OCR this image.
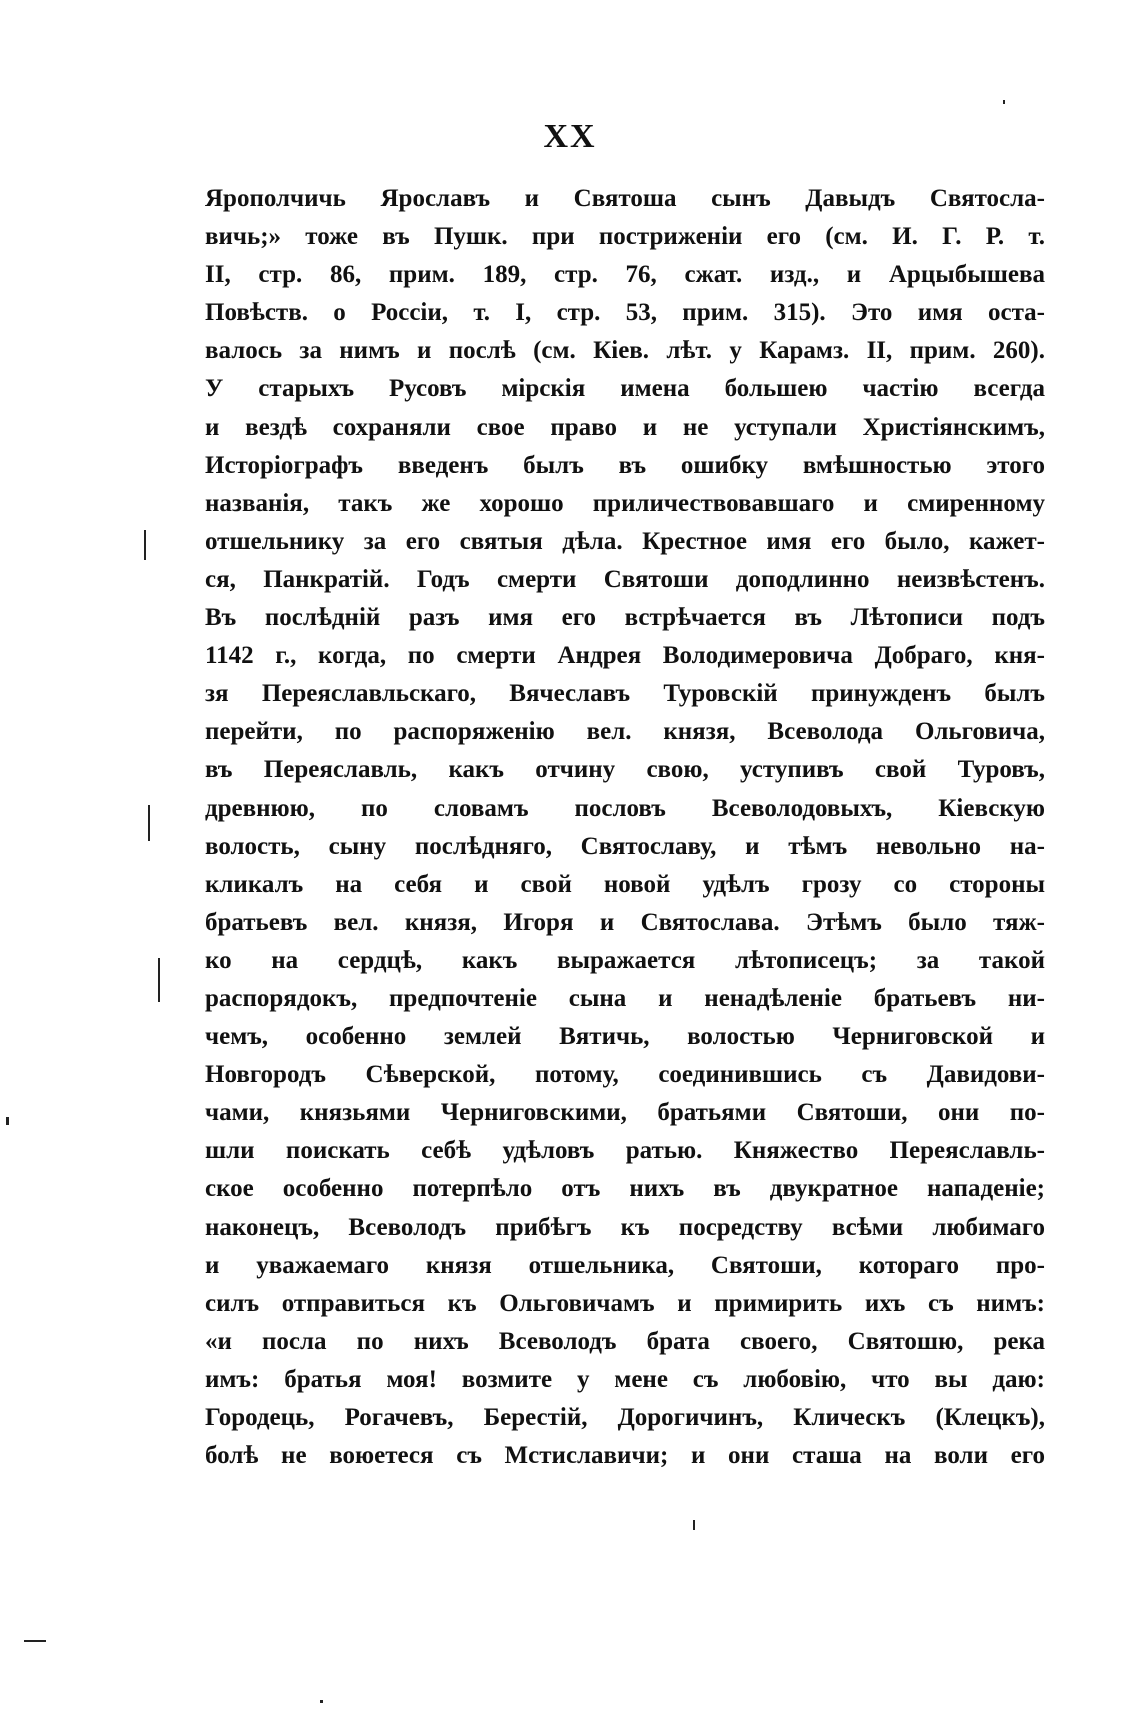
XX
Ярополчичь Ярославъ и Святоша сынъ Давыдъ Святосла-
вичь;» тоже въ Пушк. при постриженіи его (см. И. Г. Р. т.
II, стр. 86, прим. 189, стр. 76, сжат. изд., и Арцыбышева
Повѣств. о Россіи, т. I, стр. 53, прим. 315). Это имя оста-
валось за нимъ и послѣ (см. Кіев. лѣт. у Карамз. II, прим. 260).
У старыхъ Русовъ мірскія имена большею частію всегда
и вездѣ сохраняли свое право и не уступали Христіянскимъ,
Исторіографъ введенъ былъ въ ошибку вмѣшностью этого
названія, такъ же хорошо приличествовавшаго и смиренному
отшельнику за его святыя дѣла. Крестное имя его было, кажет-
ся, Панкратій. Годъ смерти Святоши доподлинно неизвѣстенъ.
Въ послѣдній разъ имя его встрѣчается въ Лѣтописи подъ
1142 г., когда, по смерти Андрея Володимеровича Добраго, кня-
зя Переяславльскаго, Вячеславъ Туровскій принужденъ былъ
перейти, по распоряженію вел. князя, Всеволода Ольговича,
въ Переяславль, какъ отчину свою, уступивъ свой Туровъ,
древнюю, по словамъ пословъ Всеволодовыхъ, Кіевскую
волость, сыну послѣдняго, Святославу, и тѣмъ невольно на-
кликалъ на себя и свой новой удѣлъ грозу со стороны
братьевъ вел. князя, Игоря и Святослава. Этѣмъ было тяж-
ко на сердцѣ, какъ выражается лѣтописецъ; за такой
распорядокъ, предпочтеніе сына и ненадѣленіе братьевъ ни-
чемъ, особенно землей Вятичь, волостью Черниговской и
Новгородъ Сѣверской, потому, соединившись съ Давидови-
чами, князьями Черниговскими, братьями Святоши, они по-
шли поискать себѣ удѣловъ ратью. Княжество Переяславль-
ское особенно потерпѣло отъ нихъ въ двукратное нападеніе;
наконецъ, Всеволодъ прибѣгъ къ посредству всѣми любимаго
и уважаемаго князя отшельника, Святоши, котораго про-
силъ отправиться къ Ольговичамъ и примирить ихъ съ нимъ:
«и посла по нихъ Всеволодъ брата своего, Святошю, река
имъ: братья моя! возмите у мене съ любовію, что вы даю:
Городець, Рогачевъ, Берестій, Дорогичинъ, Клическъ (Клецкъ),
болѣ не воюетеся съ Мстиславичи; и они сташа на воли его
